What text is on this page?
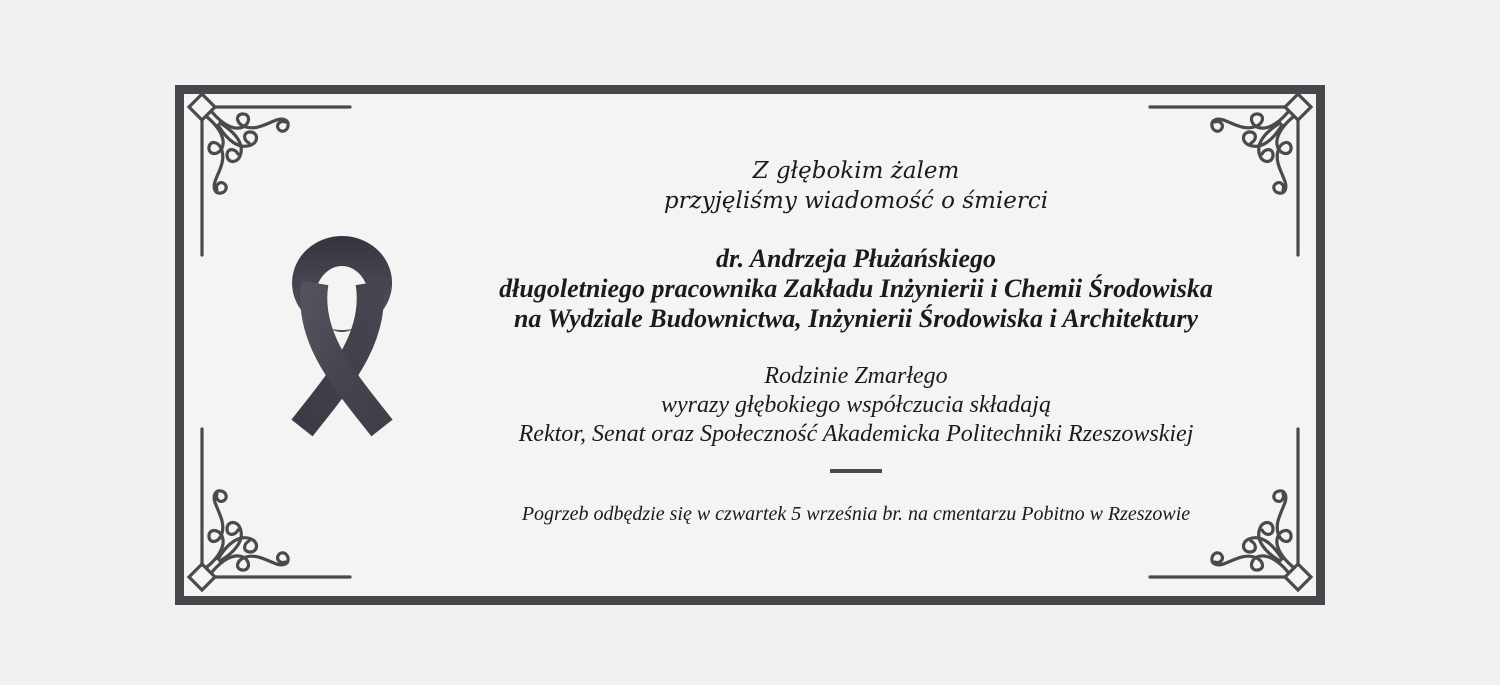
Z głębokim żalem
przyjęliśmy wiadomość o śmierci
dr. Andrzeja Płużańskiego
długoletniego pracownika Zakładu Inżynierii i Chemii Środowiska
na Wydziale Budownictwa, Inżynierii Środowiska i Architektury
Rodzinie Zmarłego
wyrazy głębokiego współczucia składają
Rektor, Senat oraz Społeczność Akademicka Politechniki Rzeszowskiej
Pogrzeb odbędzie się w czwartek 5 września br. na cmentarzu Pobitno w Rzeszowie
